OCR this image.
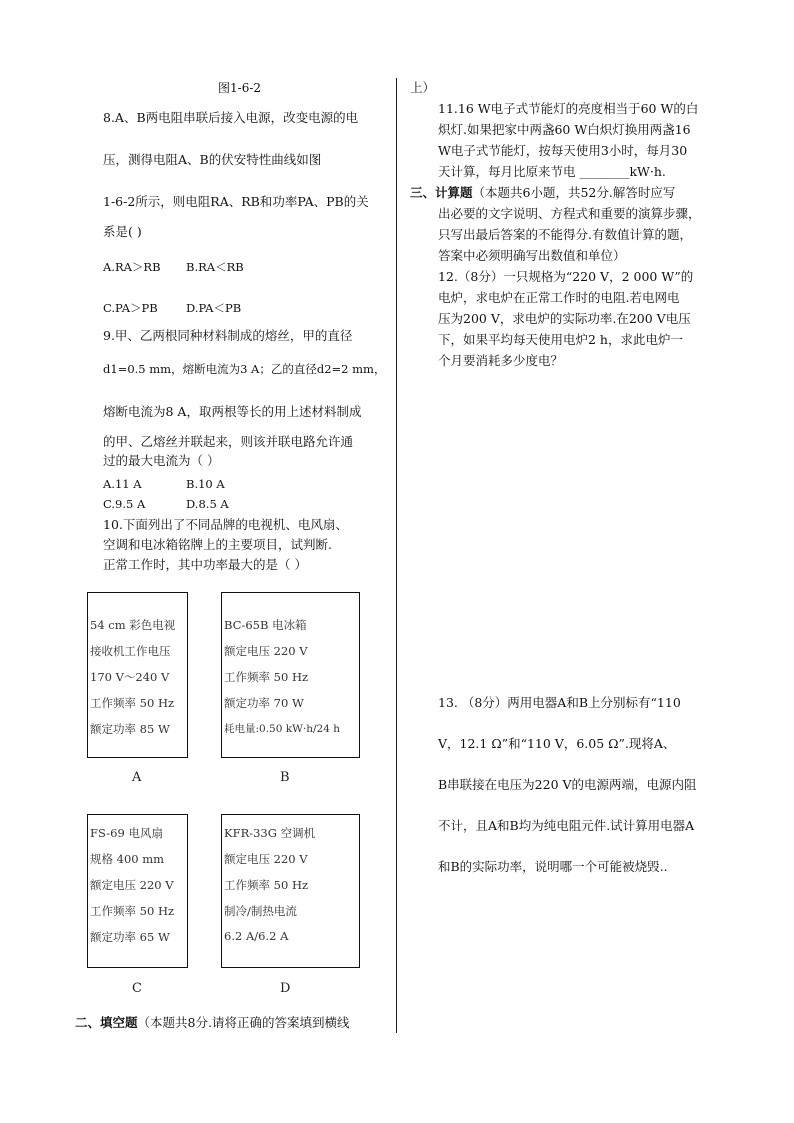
图1-6-2
8.A、B两电阻串联后接入电源，改变电源的电
压，测得电阻A、B的伏安特性曲线如图
1-6-2所示，则电阻RA、RB和功率PA、PB的关
系是( )
A.RA＞RB B.RA＜RB
C.PA＞PB D.PA＜PB
9.甲、乙两根同种材料制成的熔丝，甲的直径
d1=0.5 mm，熔断电流为3 A；乙的直径d2=2 mm，
熔断电流为8 A，取两根等长的用上述材料制成
的甲、乙熔丝并联起来，则该并联电路允许通
过的最大电流为（ ）
A.11 A	B.10 A
C.9.5 A	D.8.5 A
10.下面列出了不同品牌的电视机、电风扇、
空调和电冰箱铭牌上的主要项目，试判断.
正常工作时，其中功率最大的是（ ）
54 cm 彩色电视
接收机工作电压
170 V～240 V
工作频率 50 Hz
额定功率 85 W
A
BC-65B 电冰箱
额定电压 220 V
工作频率 50 Hz
额定功率 70 W
耗电量:0.50 kW·h/24 h
B
FS-69 电风扇
规格 400 mm
额定电压 220 V
工作频率 50 Hz
额定功率 65 W
C
KFR-33G 空调机
额定电压 220 V
工作频率 50 Hz
制冷/制热电流
6.2 A/6.2 A
D
二、填空题（本题共8分.请将正确的答案填到横线
上）
11.16 W电子式节能灯的亮度相当于60 W的白
炽灯.如果把家中两盏60 W白炽灯换用两盏16
W电子式节能灯，按每天使用3小时，每月30
天计算，每月比原来节电 ________kW·h.
三、计算题（本题共6小题，共52分.解答时应写
出必要的文字说明、方程式和重要的演算步骤，
只写出最后答案的不能得分.有数值计算的题，
答案中必须明确写出数值和单位）
12.（8分）一只规格为“220 V，2 000 W”的
电炉，求电炉在正常工作时的电阻.若电网电
压为200 V，求电炉的实际功率.在200 V电压
下，如果平均每天使用电炉2 h，求此电炉一
个月要消耗多少度电？
13. （8分）两用电器A和B上分别标有“110
V，12.1 Ω”和“110 V，6.05 Ω”.现将A、
B串联接在电压为220 V的电源两端，电源内阻
不计，且A和B均为纯电阻元件.试计算用电器A
和B的实际功率，说明哪一个可能被烧毁..
